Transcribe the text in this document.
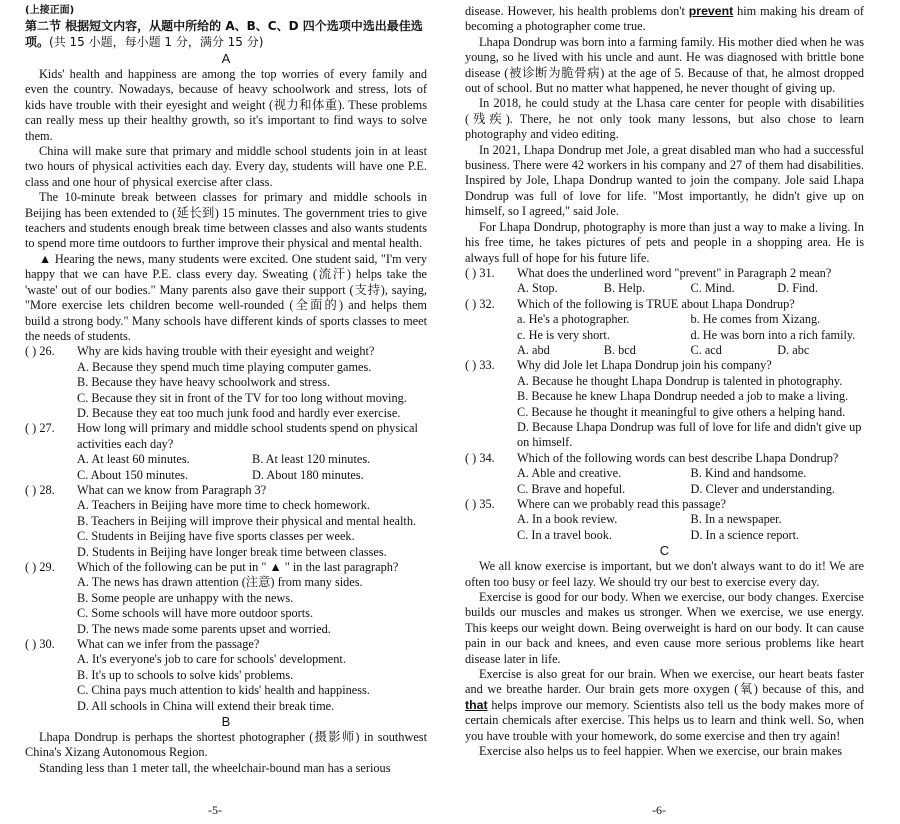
(上接正面)
第二节 根据短文内容，从题中所给的 A、B、C、D 四个选项中选出最佳选项。(共 15 小题，每小题 1 分，满分 15 分)

A

Kids' health and happiness are among the top worries of every family and even the country. Nowadays, because of heavy schoolwork and stress, lots of kids have trouble with their eyesight and weight (视力和体重). These problems can really mess up their healthy growth, so it's important to find ways to solve them.

China will make sure that primary and middle school students join in at least two hours of physical activities each day. Every day, students will have one P.E. class and one hour of physical exercise after class.

The 10-minute break between classes for primary and middle schools in Beijing has been extended to (延长到) 15 minutes. The government tries to give teachers and students enough break time between classes and also wants students to spend more time outdoors to further improve their physical and mental health.

▲ Hearing the news, many students were excited. One student said, "I'm very happy that we can have P.E. class every day. Sweating (流汗) helps take the 'waste' out of our bodies." Many parents also gave their support (支持), saying, "More exercise lets children become well-rounded (全面的) and helps them build a strong body." Many schools have different kinds of sports classes to meet the needs of students.

( ) 26.	Why are kids having trouble with their eyesight and weight?
A. Because they spend much time playing computer games.
B. Because they have heavy schoolwork and stress.
C. Because they sit in front of the TV for too long without moving.
D. Because they eat too much junk food and hardly ever exercise.
( ) 27.	How long will primary and middle school students spend on physical activities each day?
A. At least 60 minutes.	B. At least 120 minutes.
C. About 150 minutes.	D. About 180 minutes.
( ) 28.	What can we know from Paragraph 3?
A. Teachers in Beijing have more time to check homework.
B. Teachers in Beijing will improve their physical and mental health.
C. Students in Beijing have five sports classes per week.
D. Students in Beijing have longer break time between classes.
( ) 29.	Which of the following can be put in " ▲ " in the last paragraph?
A. The news has drawn attention (注意) from many sides.
B. Some people are unhappy with the news.
C. Some schools will have more outdoor sports.
D. The news made some parents upset and worried.
( ) 30.	What can we infer from the passage?
A. It's everyone's job to care for schools' development.
B. It's up to schools to solve kids' problems.
C. China pays much attention to kids' health and happiness.
D. All schools in China will extend their break time.

B

Lhapa Dondrup is perhaps the shortest photographer (摄影师) in southwest China's Xizang Autonomous Region.

Standing less than 1 meter tall, the wheelchair-bound man has a serious

-5-

disease. However, his health problems don't prevent him making his dream of becoming a photographer come true.

Lhapa Dondrup was born into a farming family. His mother died when he was young, so he lived with his uncle and aunt. He was diagnosed with brittle bone disease (被诊断为脆骨病) at the age of 5. Because of that, he almost dropped out of school. But no matter what happened, he never thought of giving up.

In 2018, he could study at the Lhasa care center for people with disabilities (残疾). There, he not only took many lessons, but also chose to learn photography and video editing.

In 2021, Lhapa Dondrup met Jole, a great disabled man who had a successful business. There were 42 workers in his company and 27 of them had disabilities. Inspired by Jole, Lhapa Dondrup wanted to join the company. Jole said Lhapa Dondrup was full of love for life. "Most importantly, he didn't give up on himself, so I agreed," said Jole.

For Lhapa Dondrup, photography is more than just a way to make a living. In his free time, he takes pictures of pets and people in a shopping area. He is always full of hope for his future life.

( ) 31.	What does the underlined word "prevent" in Paragraph 2 mean?
A. Stop.	B. Help.	C. Mind.	D. Find.
( ) 32.	Which of the following is TRUE about Lhapa Dondrup?
a. He's a photographer.	b. He comes from Xizang.
c. He is very short.	d. He was born into a rich family.
A. abd	B. bcd	C. acd	D. abc
( ) 33.	Why did Jole let Lhapa Dondrup join his company?
A. Because he thought Lhapa Dondrup is talented in photography.
B. Because he knew Lhapa Dondrup needed a job to make a living.
C. Because he thought it meaningful to give others a helping hand.
D. Because Lhapa Dondrup was full of love for life and didn't give up on himself.
( ) 34.	Which of the following words can best describe Lhapa Dondrup?
A. Able and creative.	B. Kind and handsome.
C. Brave and hopeful.	D. Clever and understanding.
( ) 35.	Where can we probably read this passage?
A. In a book review.	B. In a newspaper.
C. In a travel book.	D. In a science report.

C

We all know exercise is important, but we don't always want to do it! We are often too busy or feel lazy. We should try our best to exercise every day.

Exercise is good for our body. When we exercise, our body changes. Exercise builds our muscles and makes us stronger. When we exercise, we use energy. This keeps our weight down. Being overweight is hard on our body. It can cause pain in our back and knees, and even cause more serious problems like heart disease later in life.

Exercise is also great for our brain. When we exercise, our heart beats faster and we breathe harder. Our brain gets more oxygen (氧) because of this, and that helps improve our memory. Scientists also tell us the body makes more of certain chemicals after exercise. This helps us to learn and think well. So, when you have trouble with your homework, do some exercise and then try again!

Exercise also helps us to feel happier. When we exercise, our brain makes

-6-
